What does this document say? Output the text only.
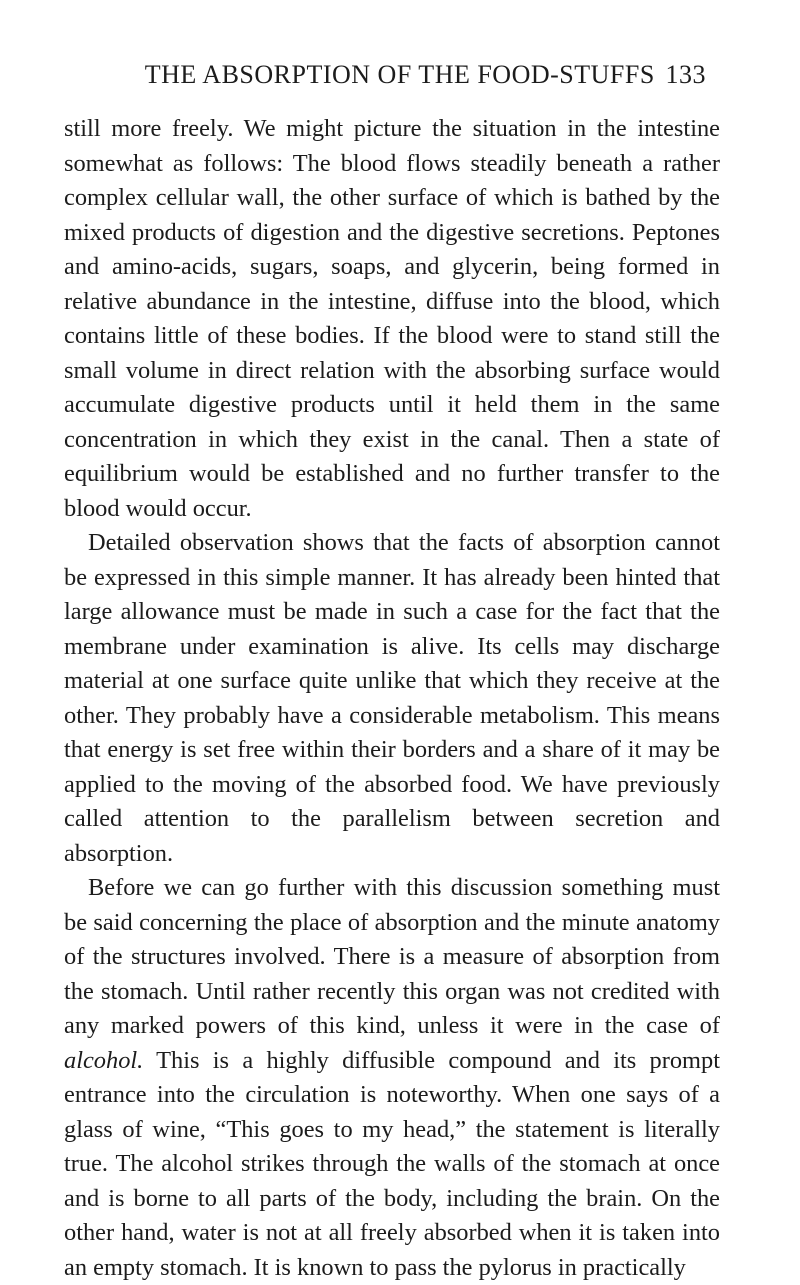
THE ABSORPTION OF THE FOOD-STUFFS 133

still more freely. We might picture the situation in the intestine somewhat as follows: The blood flows steadily beneath a rather complex cellular wall, the other surface of which is bathed by the mixed products of digestion and the digestive secretions. Peptones and amino-acids, sugars, soaps, and glycerin, being formed in relative abundance in the intestine, diffuse into the blood, which contains little of these bodies. If the blood were to stand still the small volume in direct relation with the absorbing surface would accumulate digestive products until it held them in the same concentration in which they exist in the canal. Then a state of equilibrium would be established and no further transfer to the blood would occur.

Detailed observation shows that the facts of absorption cannot be expressed in this simple manner. It has already been hinted that large allowance must be made in such a case for the fact that the membrane under examination is alive. Its cells may discharge material at one surface quite unlike that which they receive at the other. They probably have a considerable metabolism. This means that energy is set free within their borders and a share of it may be applied to the moving of the absorbed food. We have previously called attention to the parallelism between secretion and absorption.

Before we can go further with this discussion something must be said concerning the place of absorption and the minute anatomy of the structures involved. There is a measure of absorption from the stomach. Until rather recently this organ was not credited with any marked powers of this kind, unless it were in the case of alcohol. This is a highly diffusible compound and its prompt entrance into the circulation is noteworthy. When one says of a glass of wine, “This goes to my head,” the statement is literally true. The alcohol strikes through the walls of the stomach at once and is borne to all parts of the body, including the brain. On the other hand, water is not at all freely absorbed when it is taken into an empty stomach. It is known to pass the pylorus in practically
